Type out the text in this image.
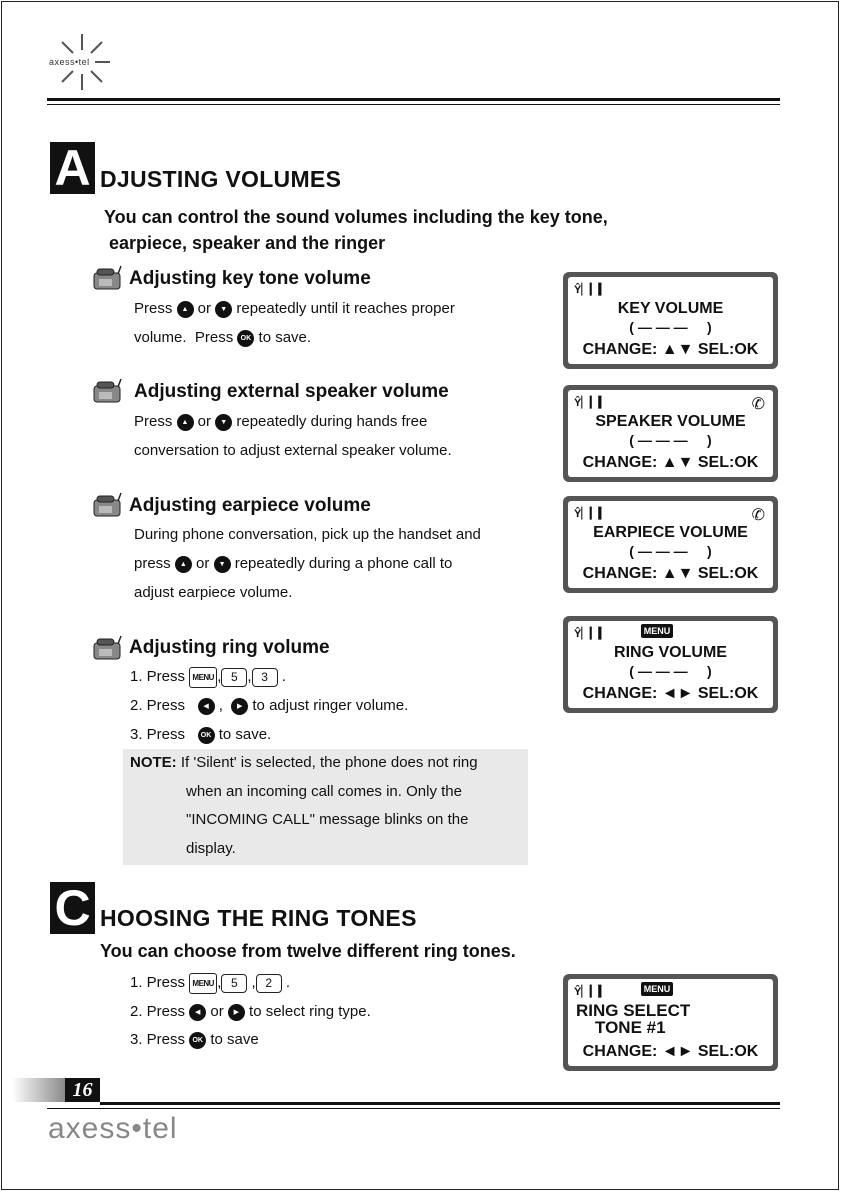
axess•tel
A DJUSTING VOLUMES
You can control the sound volumes including the key tone,
earpiece, speaker and the ringer
Adjusting key tone volume
Press ▲ or ▼ repeatedly until it reaches proper
volume.  Press OK to save.
Adjusting external speaker volume
Press ▲ or ▼ repeatedly during hands free
conversation to adjust external speaker volume.
Adjusting earpiece volume
During phone conversation, pick up the handset and
press ▲ or ▼ repeatedly during a phone call to
adjust earpiece volume.
Adjusting ring volume
1. Press MENU , 5 , 3 .
2. Press   ◀ ,  ▶ to adjust ringer volume.
3. Press   OK to save.
NOTE: If 'Silent' is selected, the phone does not ring
when an incoming call comes in. Only the
"INCOMING CALL" message blinks on the
display.
Ŷ▏▎▍
KEY VOLUME
( — ― ―     )
CHANGE: ▲▼ SEL:OK
Ŷ▏▎▍	✆
SPEAKER VOLUME
( — ― ―     )
CHANGE: ▲▼ SEL:OK
Ŷ▏▎▍	✆
EARPIECE VOLUME
( — ― ―     )
CHANGE: ▲▼ SEL:OK
Ŷ▏▎▍	MENU
RING VOLUME
( — ― ―     )
CHANGE: ◄► SEL:OK
C HOOSING THE RING TONES
You can choose from twelve different ring tones.
1. Press MENU , 5 , 2 .
2. Press ◀ or ▶ to select ring type.
3. Press OK to save
Ŷ▏▎▍	MENU
RING SELECT
TONE #1
CHANGE: ◄► SEL:OK
16
axess•tel
